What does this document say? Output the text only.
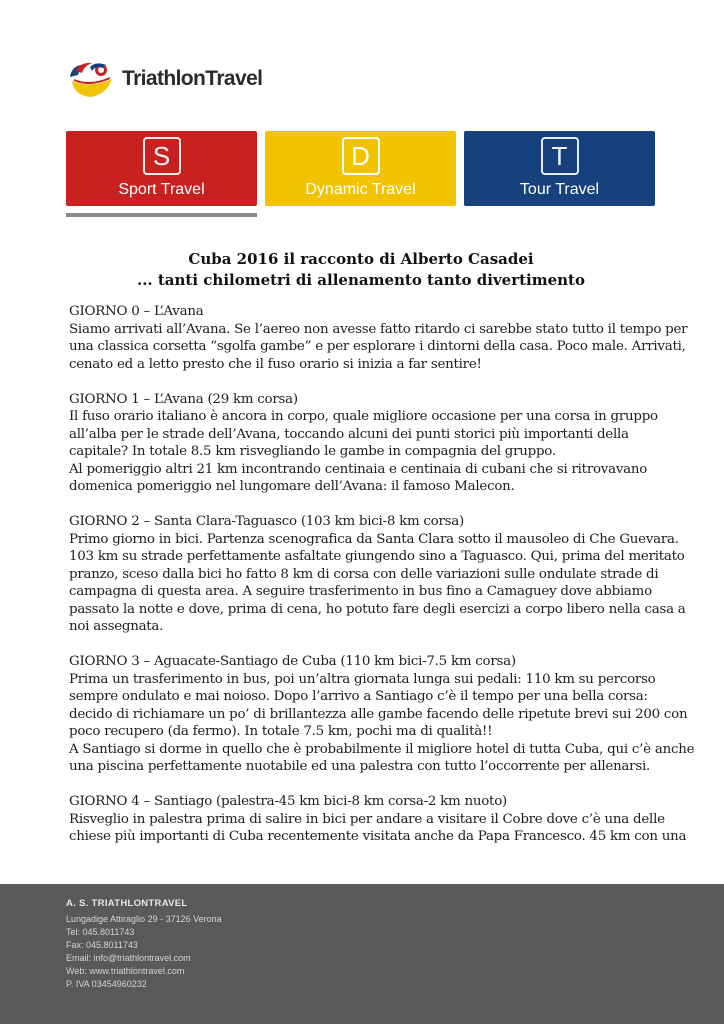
TriathlonTravel
S
Sport Travel
D
Dynamic Travel
T
Tour Travel
Cuba 2016 il racconto di Alberto Casadei
... tanti chilometri di allenamento tanto divertimento
GIORNO 0 – L’Avana
Siamo arrivati all’Avana. Se l’aereo non avesse fatto ritardo ci sarebbe stato tutto il tempo per
una classica corsetta “sgolfa gambe” e per esplorare i dintorni della casa. Poco male. Arrivati,
cenato ed a letto presto che il fuso orario si inizia a far sentire!
GIORNO 1 – L’Avana (29 km corsa)
Il fuso orario italiano è ancora in corpo, quale migliore occasione per una corsa in gruppo
all’alba per le strade dell’Avana, toccando alcuni dei punti storici più importanti della
capitale? In totale 8.5 km risvegliando le gambe in compagnia del gruppo.
Al pomeriggio altri 21 km incontrando centinaia e centinaia di cubani che si ritrovavano
domenica pomeriggio nel lungomare dell’Avana: il famoso Malecon.
GIORNO 2 – Santa Clara-Taguasco (103 km bici-8 km corsa)
Primo giorno in bici. Partenza scenografica da Santa Clara sotto il mausoleo di Che Guevara.
103 km su strade perfettamente asfaltate giungendo sino a Taguasco. Qui, prima del meritato
pranzo, sceso dalla bici ho fatto 8 km di corsa con delle variazioni sulle ondulate strade di
campagna di questa area. A seguire trasferimento in bus fino a Camaguey dove abbiamo
passato la notte e dove, prima di cena, ho potuto fare degli esercizi a corpo libero nella casa a
noi assegnata.
GIORNO 3 – Aguacate-Santiago de Cuba (110 km bici-7.5 km corsa)
Prima un trasferimento in bus, poi un’altra giornata lunga sui pedali: 110 km su percorso
sempre ondulato e mai noioso. Dopo l’arrivo a Santiago c’è il tempo per una bella corsa:
decido di richiamare un po’ di brillantezza alle gambe facendo delle ripetute brevi sui 200 con
poco recupero (da fermo). In totale 7.5 km, pochi ma di qualità!!
A Santiago si dorme in quello che è probabilmente il migliore hotel di tutta Cuba, qui c’è anche
una piscina perfettamente nuotabile ed una palestra con tutto l’occorrente per allenarsi.
GIORNO 4 – Santiago (palestra-45 km bici-8 km corsa-2 km nuoto)
Risveglio in palestra prima di salire in bici per andare a visitare il Cobre dove c’è una delle
chiese più importanti di Cuba recentemente visitata anche da Papa Francesco. 45 km con una
A. S. TRIATHLONTRAVEL
Lungadige Attiraglio 29 - 37126 Verona
Tel: 045.8011743
Fax: 045.8011743
Email: info@triathlontravel.com
Web: www.triathlontravel.com
P. IVA 03454960232
